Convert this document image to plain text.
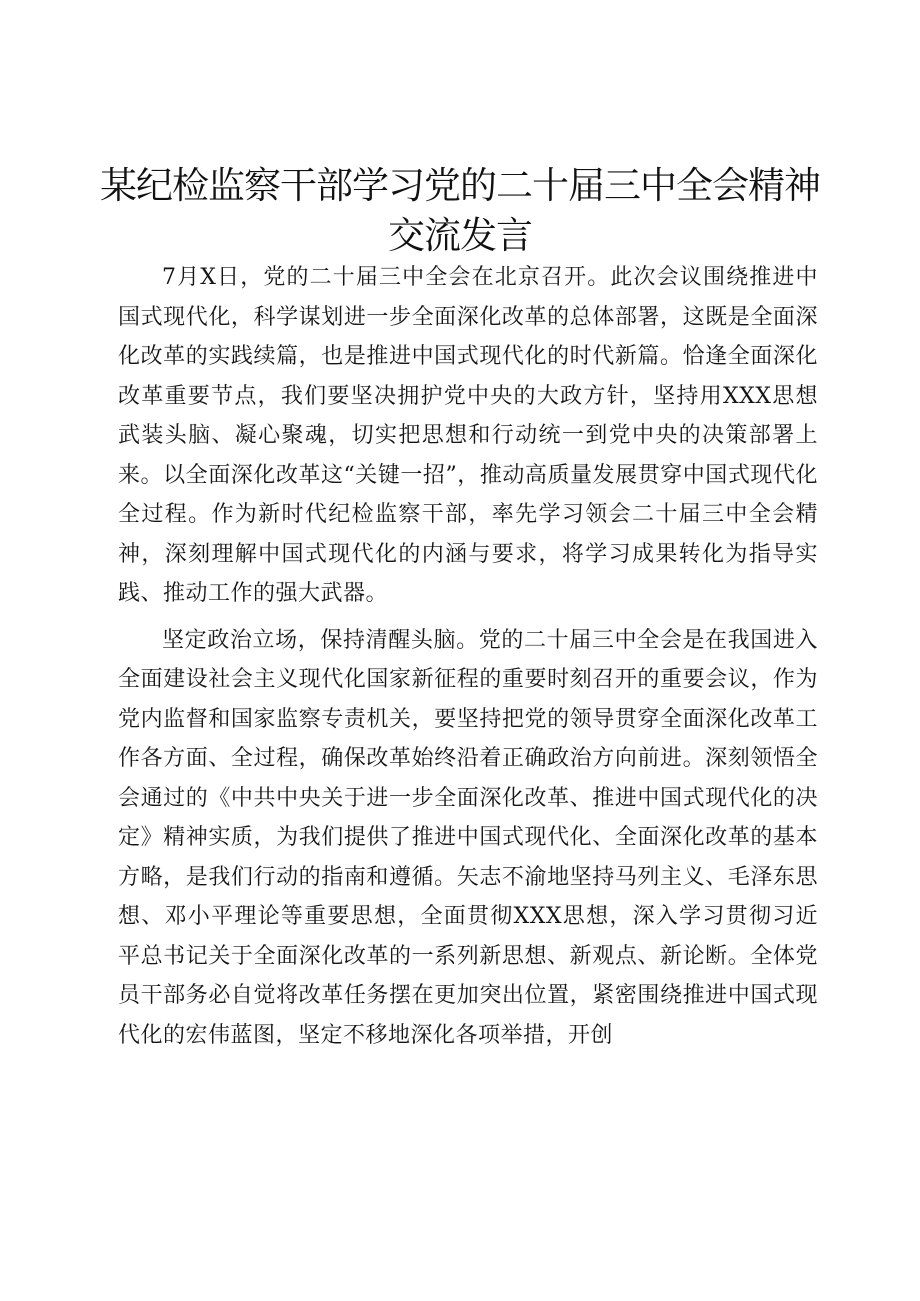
某纪检监察干部学习党的二十届三中全会精神
交流发言

7月X日，党的二十届三中全会在北京召开。此次会议围绕推进中国式现代化，科学谋划进一步全面深化改革的总体部署，这既是全面深化改革的实践续篇，也是推进中国式现代化的时代新篇。恰逢全面深化改革重要节点，我们要坚决拥护党中央的大政方针，坚持用XXX思想武装头脑、凝心聚魂，切实把思想和行动统一到党中央的决策部署上来。以全面深化改革这“关键一招”，推动高质量发展贯穿中国式现代化全过程。作为新时代纪检监察干部，率先学习领会二十届三中全会精神，深刻理解中国式现代化的内涵与要求，将学习成果转化为指导实践、推动工作的强大武器。

坚定政治立场，保持清醒头脑。党的二十届三中全会是在我国进入全面建设社会主义现代化国家新征程的重要时刻召开的重要会议，作为党内监督和国家监察专责机关，要坚持把党的领导贯穿全面深化改革工作各方面、全过程，确保改革始终沿着正确政治方向前进。深刻领悟全会通过的《中共中央关于进一步全面深化改革、推进中国式现代化的决定》精神实质，为我们提供了推进中国式现代化、全面深化改革的基本方略，是我们行动的指南和遵循。矢志不渝地坚持马列主义、毛泽东思想、邓小平理论等重要思想，全面贯彻XXX思想，深入学习贯彻习近平总书记关于全面深化改革的一系列新思想、新观点、新论断。全体党员干部务必自觉将改革任务摆在更加突出位置，紧密围绕推进中国式现代化的宏伟蓝图，坚定不移地深化各项举措，开创
